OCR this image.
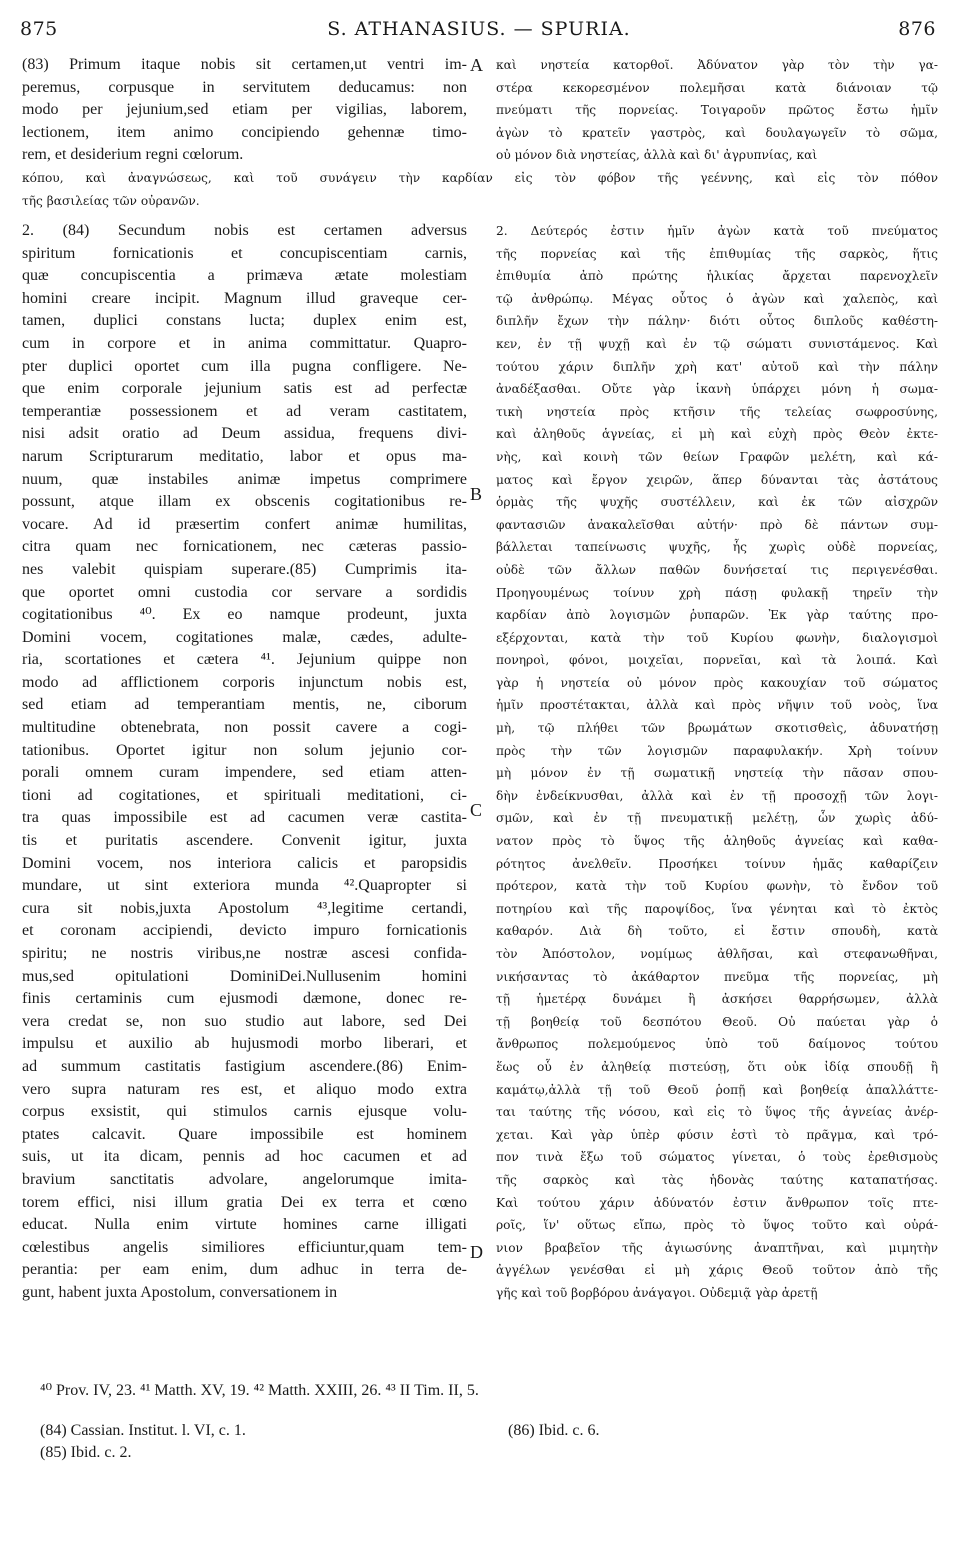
875	S. ATHANASIUS. — SPURIA.	876
(83) Primum itaque nobis sit certamen,ut ventri im-
peremus, corpusque in servitutem deducamus: non
modo per jejunium,sed etiam per vigilias, laborem,
lectionem, item animo concipiendo gehennæ timo-
rem, et desiderium regni cœlorum.
καὶ νηστεία κατορθοῖ. Ἀδύνατον γὰρ τὸν τὴν γα-
στέρα κεκορεσμένον πολεμῆσαι κατὰ διάνοιαν τῷ
πνεύματι τῆς πορνείας. Τοιγαροῦν πρῶτος ἔστω ἡμῖν
ἀγὼν τὸ κρατεῖν γαστρὸς, καὶ δουλαγωγεῖν τὸ σῶμα,
οὐ μόνον διὰ νηστείας, ἀλλὰ καὶ δι' ἀγρυπνίας, καὶ
κόπου, καὶ ἀναγνώσεως, καὶ τοῦ συνάγειν τὴν καρδίαν εἰς τὸν φόβον τῆς γεέννης, καὶ εἰς τὸν πόθον
τῆς βασιλείας τῶν οὐρανῶν.
2. (84) Secundum nobis est certamen adversus
spiritum fornicationis et concupiscentiam carnis,
quæ concupiscentia a primæva ætate molestiam
homini creare incipit. Magnum illud graveque cer-
tamen, duplici constans lucta; duplex enim est,
cum in corpore et in anima committatur. Quapro-
pter duplici oportet cum illa pugna confligere. Ne-
que enim corporale jejunium satis est ad perfectæ
temperantiæ possessionem et ad veram castitatem,
nisi adsit oratio ad Deum assidua, frequens divi-
narum Scripturarum meditatio, labor et opus ma-
nuum, quæ instabiles animæ impetus comprimere
possunt, atque illam ex obscenis cogitationibus re-
vocare. Ad id præsertim confert animæ humilitas,
citra quam nec fornicationem, nec cæteras passio-
nes valebit quispiam superare.(85) Cumprimis ita-
que oportet omni custodia cor servare a sordidis
cogitationibus ⁴⁰. Ex eo namque prodeunt, juxta
Domini vocem, cogitationes malæ, cædes, adulte-
ria, scortationes et cætera ⁴¹. Jejunium quippe non
modo ad afflictionem corporis injunctum nobis est,
sed etiam ad temperantiam mentis, ne, ciborum
multitudine obtenebrata, non possit cavere a cogi-
tationibus. Oportet igitur non solum jejunio cor-
porali omnem curam impendere, sed etiam atten-
tioni ad cogitationes, et spirituali meditationi, ci-
tra quas impossibile est ad cacumen veræ castita-
tis et puritatis ascendere. Convenit igitur, juxta
Domini vocem, nos interiora calicis et paropsidis
mundare, ut sint exteriora munda ⁴².Quapropter si
cura sit nobis,juxta Apostolum ⁴³,legitime certandi,
et coronam accipiendi, devicto impuro fornicationis
spiritu; ne nostris viribus,ne nostræ ascesi confida-
mus,sed opitulationi DominiDei.Nullusenim homini
finis certaminis cum ejusmodi dæmone, donec re-
vera credat se, non suo studio aut labore, sed Dei
impulsu et auxilio ab hujusmodi morbo liberari, et
ad summum castitatis fastigium ascendere.(86) Enim-
vero supra naturam res est, et aliquo modo extra
corpus exsistit, qui stimulos carnis ejusque volu-
ptates calcavit. Quare impossibile est hominem
suis, ut ita dicam, pennis ad hoc cacumen et ad
bravium sanctitatis advolare, angelorumque imita-
torem effici, nisi illum gratia Dei ex terra et cœno
educat. Nulla enim virtute homines carne illigati
cœlestibus angelis similiores efficiuntur,quam tem-
perantia: per eam enim, dum adhuc in terra de-
gunt, habent juxta Apostolum, conversationem in
2. Δεύτερός ἐστιν ἡμῖν ἀγὼν κατὰ τοῦ πνεύματος
τῆς πορνείας καὶ τῆς ἐπιθυμίας τῆς σαρκὸς, ἥτις
ἐπιθυμία ἀπὸ πρώτης ἡλικίας ἄρχεται παρενοχλεῖν
τῷ ἀνθρώπῳ. Μέγας οὗτος ὁ ἀγὼν καὶ χαλεπὸς, καὶ
διπλῆν ἔχων τὴν πάλην· διότι οὗτος διπλοῦς καθέστη-
κεν, ἐν τῇ ψυχῇ καὶ ἐν τῷ σώματι συνιστάμενος. Καὶ
τούτου χάριν διπλῆν χρὴ κατ' αὐτοῦ καὶ τὴν πάλην
ἀναδέξασθαι. Οὔτε γὰρ ἱκανὴ ὑπάρχει μόνη ἡ σωμα-
τικὴ νηστεία πρὸς κτῆσιν τῆς τελείας σωφροσύνης,
καὶ ἀληθοῦς ἁγνείας, εἰ μὴ καὶ εὐχὴ πρὸς Θεὸν ἐκτε-
νὴς, καὶ κοινὴ τῶν θείων Γραφῶν μελέτη, καὶ κά-
ματος καὶ ἔργον χειρῶν, ἅπερ δύνανται τὰς ἀστάτους
ὁρμὰς τῆς ψυχῆς συστέλλειν, καὶ ἐκ τῶν αἰσχρῶν
φαντασιῶν ἀνακαλεῖσθαι αὐτήν· πρὸ δὲ πάντων συμ-
βάλλεται ταπείνωσις ψυχῆς, ἧς χωρὶς οὐδὲ πορνείας,
οὐδὲ τῶν ἄλλων παθῶν δυνήσεταί τις περιγενέσθαι.
Προηγουμένως τοίνυν χρὴ πάσῃ φυλακῇ τηρεῖν τὴν
καρδίαν ἀπὸ λογισμῶν ῥυπαρῶν. Ἐκ γὰρ ταύτης προ-
εξέρχονται, κατὰ τὴν τοῦ Κυρίου φωνὴν, διαλογισμοὶ
πονηροὶ, φόνοι, μοιχεῖαι, πορνεῖαι, καὶ τὰ λοιπά. Καὶ
γὰρ ἡ νηστεία οὐ μόνον πρὸς κακουχίαν τοῦ σώματος
ἡμῖν προστέτακται, ἀλλὰ καὶ πρὸς νῆψιν τοῦ νοὸς, ἵνα
μὴ, τῷ πλήθει τῶν βρωμάτων σκοτισθεὶς, ἀδυνατήσῃ
πρὸς τὴν τῶν λογισμῶν παραφυλακήν. Χρὴ τοίνυν
μὴ μόνον ἐν τῇ σωματικῇ νηστείᾳ τὴν πᾶσαν σπου-
δὴν ἐνδείκνυσθαι, ἀλλὰ καὶ ἐν τῇ προσοχῇ τῶν λογι-
σμῶν, καὶ ἐν τῇ πνευματικῇ μελέτῃ, ὧν χωρὶς ἀδύ-
νατον πρὸς τὸ ὕψος τῆς ἀληθοῦς ἁγνείας καὶ καθα-
ρότητος ἀνελθεῖν. Προσήκει τοίνυν ἡμᾶς καθαρίζειν
πρότερον, κατὰ τὴν τοῦ Κυρίου φωνὴν, τὸ ἔνδον τοῦ
ποτηρίου καὶ τῆς παροψίδος, ἵνα γένηται καὶ τὸ ἐκτὸς
καθαρόν. Διὰ δὴ τοῦτο, εἰ ἔστιν σπουδὴ, κατὰ
τὸν Ἀπόστολον, νομίμως ἀθλῆσαι, καὶ στεφανωθῆναι,
νικήσαντας τὸ ἀκάθαρτον πνεῦμα τῆς πορνείας, μὴ
τῇ ἡμετέρᾳ δυνάμει ἢ ἀσκήσει θαρρήσωμεν, ἀλλὰ
τῇ βοηθείᾳ τοῦ δεσπότου Θεοῦ. Οὐ παύεται γὰρ ὁ
ἄνθρωπος πολεμούμενος ὑπὸ τοῦ δαίμονος τούτου
ἕως οὗ ἐν ἀληθείᾳ πιστεύσῃ, ὅτι οὐκ ἰδίᾳ σπουδῇ ἢ
καμάτῳ,ἀλλὰ τῇ τοῦ Θεοῦ ῥοπῇ καὶ βοηθείᾳ ἀπαλλάττε-
ται ταύτης τῆς νόσου, καὶ εἰς τὸ ὕψος τῆς ἁγνείας ἀνέρ-
χεται. Καὶ γὰρ ὑπὲρ φύσιν ἐστὶ τὸ πρᾶγμα, καὶ τρό-
πον τινὰ ἔξω τοῦ σώματος γίνεται, ὁ τοὺς ἐρεθισμοὺς
τῆς σαρκὸς καὶ τὰς ἡδονὰς ταύτης καταπατήσας.
Καὶ τούτου χάριν ἀδύνατόν ἐστιν ἄνθρωπον τοῖς πτε-
ροῖς, ἵν' οὕτως εἴπω, πρὸς τὸ ὕψος τοῦτο καὶ οὐρά-
νιον βραβεῖον τῆς ἁγιωσύνης ἀναπτῆναι, καὶ μιμητὴν
ἀγγέλων γενέσθαι εἰ μὴ χάρις Θεοῦ τοῦτον ἀπὸ τῆς
γῆς καὶ τοῦ βορβόρου ἀνάγαγοι. Οὐδεμιᾷ γὰρ ἀρετῇ
A
B
C
D
⁴⁰ Prov. IV, 23. ⁴¹ Matth. XV, 19. ⁴² Matth. XXIII, 26. ⁴³ II Tim. II, 5.
(84) Cassian. Institut. l. VI, c. 1.
(85) Ibid. c. 2.
(86) Ibid. c. 6.
